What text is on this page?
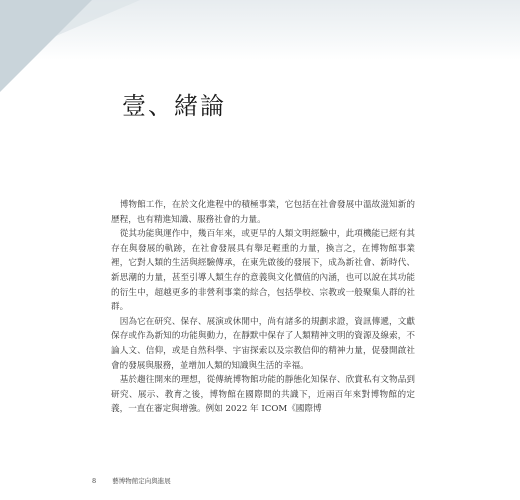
壹、緒論

　博物館工作，在於文化進程中的積極事業，它包括在社會發展中溫故滋知新的歷程，也有精進知識、服務社會的力量。

　從其功能與運作中，幾百年來，或更早的人類文明經驗中，此項機能已經有其存在與發展的軌跡，在社會發展具有舉足輕重的力量，換言之，在博物館事業裡，它對人類的生活與經驗傳承，在東先啟後的發展下，成為新社會、新時代、新思潮的力量，甚至引導人類生存的意義與文化價值的內涵，也可以說在其功能的衍生中，超越更多的非營利事業的綜合，包括學校、宗教或一般聚集人群的社群。

　因為它在研究、保存、展演或休閒中，尚有諸多的規劃求證，資訊傳遞，文獻保存或作為新知的功能與動力，在靜默中保存了人類精神文明的資源及線索，不論人文、信仰，或是自然科學、宇宙探索以及宗教信仰的精神力量，促發開啟社會的發展與服務，並增加人類的知識與生活的幸福。

　基於趨往開來的理想，從傳統博物館功能的靜態化知保存、欣賞私有文物品到研究、展示、教育之後，博物館在國際間的共識下，近兩百年來對博物館的定義，一直在審定與增強。例如 2022 年 ICOM《國際博

8 藝博物館定向與進展
